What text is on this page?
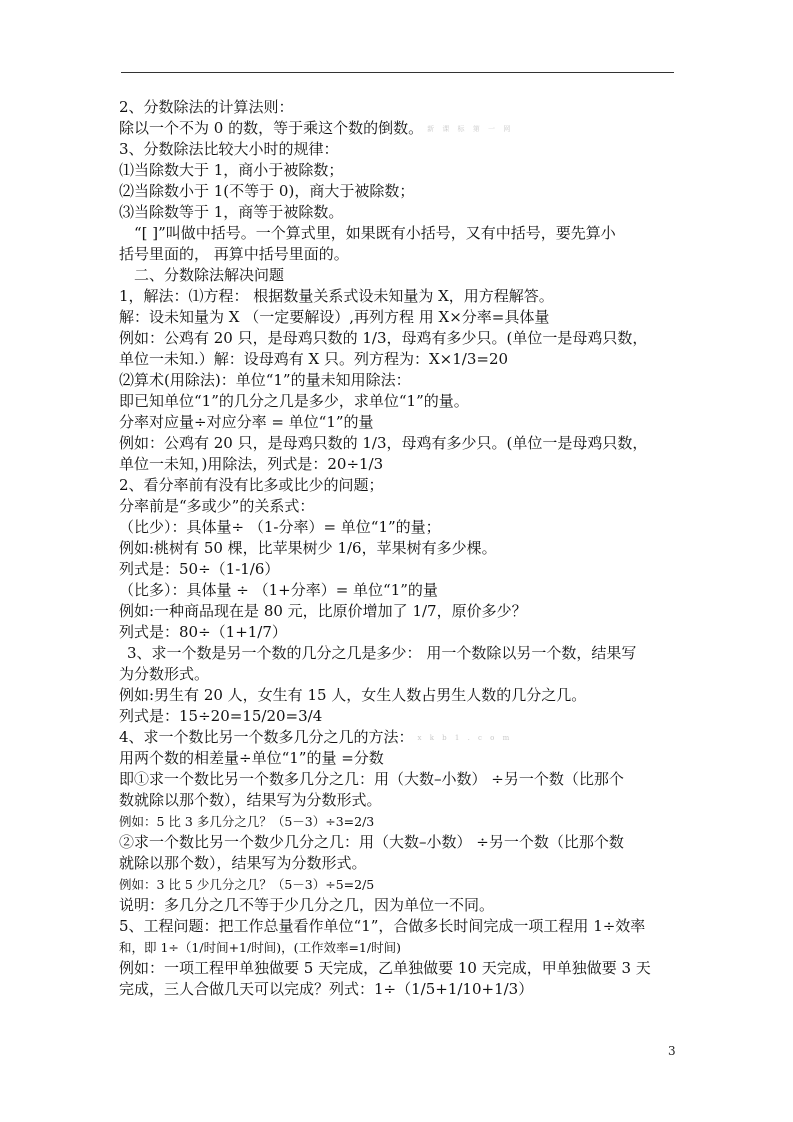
2、分数除法的计算法则：
除以一个不为 0 的数，等于乘这个数的倒数。 新 课 标 第 一 网
3、分数除法比较大小时的规律：
⑴当除数大于 1，商小于被除数；
⑵当除数小于 1(不等于 0)，商大于被除数；
⑶当除数等于 1，商等于被除数。
“[ ]”叫做中括号。一个算式里，如果既有小括号，又有中括号，要先算小
括号里面的， 再算中括号里面的。
二、分数除法解决问题
1，解法：⑴方程： 根据数量关系式设未知量为 X，用方程解答。
解：设未知量为 X （一定要解设）,再列方程 用 X×分率=具体量
例如：公鸡有 20 只，是母鸡只数的 1/3，母鸡有多少只。(单位一是母鸡只数，
单位一未知.）解：设母鸡有 X 只。列方程为：X×1/3=20
⑵算术(用除法)：单位“1”的量未知用除法：
即已知单位“1”的几分之几是多少，求单位“1”的量。
分率对应量÷对应分率 = 单位“1”的量
例如：公鸡有 20 只，是母鸡只数的 1/3，母鸡有多少只。(单位一是母鸡只数，
单位一未知，)用除法，列式是：20÷1/3
2、看分率前有没有比多或比少的问题；
分率前是“多或少”的关系式：
（比少）：具体量÷ （1-分率）= 单位“1”的量；
例如:桃树有 50 棵，比苹果树少 1/6，苹果树有多少棵。
列式是：50÷（1-1/6）
（比多）：具体量 ÷ （1+分率）= 单位“1”的量
例如:一种商品现在是 80 元，比原价增加了 1/7，原价多少？
列式是：80÷（1+1/7）
3、求一个数是另一个数的几分之几是多少： 用一个数除以另一个数，结果写
为分数形式。
例如:男生有 20 人，女生有 15 人，女生人数占男生人数的几分之几。
列式是：15÷20=15/20=3/4
4、求一个数比另一个数多几分之几的方法： x k b 1 . c o m
用两个数的相差量÷单位“1”的量 =分数
即①求一个数比另一个数多几分之几：用（大数–小数） ÷另一个数（比那个
数就除以那个数），结果写为分数形式。
例如：5 比 3 多几分之几？（5－3）÷3=2/3
②求一个数比另一个数少几分之几：用（大数–小数） ÷另一个数（比那个数
就除以那个数），结果写为分数形式。
例如：3 比 5 少几分之几？（5－3）÷5=2/5
说明：多几分之几不等于少几分之几，因为单位一不同。
5、工程问题：把工作总量看作单位“1”，合做多长时间完成一项工程用 1÷效率
和，即 1÷（1/时间+1/时间)，(工作效率=1/时间)
例如：一项工程甲单独做要 5 天完成，乙单独做要 10 天完成，甲单独做要 3 天
完成，三人合做几天可以完成？列式：1÷（1/5+1/10+1/3）
3
